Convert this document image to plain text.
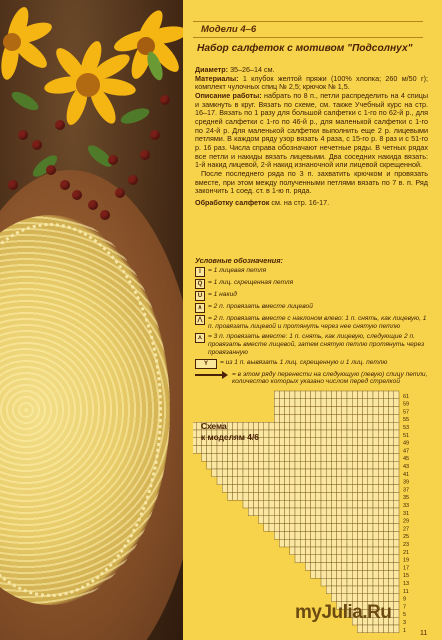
Модели 4–6
Набор салфеток с мотивом "Подсолнух"

Диаметр: 35–26–14 см.

Материалы: 1 клубок желтой пряжи (100% хлопка; 260 м/50 г); комплект чулочных спиц № 2,5; крючок № 1,5.

Описание работы: набрать по 8 п., петли распределить на 4 спицы и замкнуть в круг. Вязать по схеме, см. также Учебный курс на стр. 16–17. Вязать по 1 разу для большой салфетки с 1-го по 62-й р., для средней салфетки с 1-го по 46-й р., для маленькой салфетки с 1-го по 24-й р. Для маленькой салфетки выполнить еще 2 р. лицевыми петлями. В каждом ряду узор вязать 4 раза, с 15-го р. 8 раз и с 51-го р. 16 раз. Числа справа обозначают нечетные ряды. В четных рядах все петли и накиды вязать лицевыми. Два соседних накида вязать: 1-й накид лицевой, 2-й накид изнаночной или лицевой скрещенной.

После последнего ряда по 3 п. захватить крючком и провязать вместе, при этом между полученными петлями вязать по 7 в. п. Ряд закончить 1 соед. ст. в 1-ю п. ряда.

Обработку салфеток см. на стр. 16-17.

Условные обозначения:
I	= 1 лицевая петля
Q = 1 лиц. скрещенная петля
U = 1 накид
∧ = 2 п. провязать вместе лицевой
⋀ = 2 п. провязать вместе с наклоном влево: 1 п. снять, как лицевую, 1 п. провязать лицевой и протянуть через нее снятую петлю
⋏ = 3 п. провязать вместе: 1 п. снять, как лицевую, следующие 2 п. провязать вместе лицевой, затем снятую петлю протянуть через провязанную
Y	= из 1 п. вывязать 1 лиц. скрещенную и 1 лиц. петлю
= в этом ряду перенести на следующую (левую) спицу петли, количество которых указано числом перед стрелкой
61
59
57
55
53
51
49
47
45
43
41
39
37
35
33
31
29
27
25
23
21
19
17
15
13
11
9
7
5
3
1
Схема
к моделям 4/6
myJulia.Ru
11
